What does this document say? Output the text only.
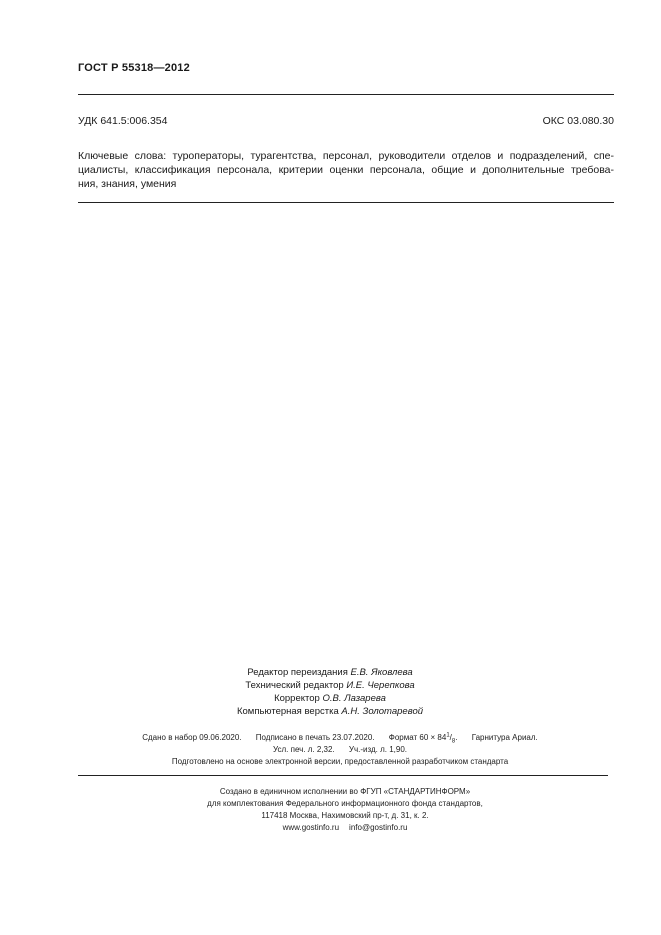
ГОСТ Р 55318—2012
УДК 641.5:006.354	ОКС 03.080.30
Ключевые слова: туроператоры, турагентства, персонал, руководители отделов и подразделений, спе-
циалисты, классификация персонала, критерии оценки персонала, общие и дополнительные требова-
ния, знания, умения
Редактор переиздания Е.В. Яковлева
Технический редактор И.Е. Черепкова
Корректор О.В. Лазарева
Компьютерная верстка А.Н. Золотаревой
Сдано в набор 09.06.2020. Подписано в печать 23.07.2020. Формат $60 \times 84^1/_8$. Гарнитура Ариал.
Усл. печ. л. 2,32. Уч.-изд. л. 1,90.
Подготовлено на основе электронной версии, предоставленной разработчиком стандарта
Создано в единичном исполнении во ФГУП «СТАНДАРТИНФОРМ»
для комплектования Федерального информационного фонда стандартов,
117418 Москва, Нахимовский пр-т, д. 31, к. 2.
www.gostinfo.ru info@gostinfo.ru
